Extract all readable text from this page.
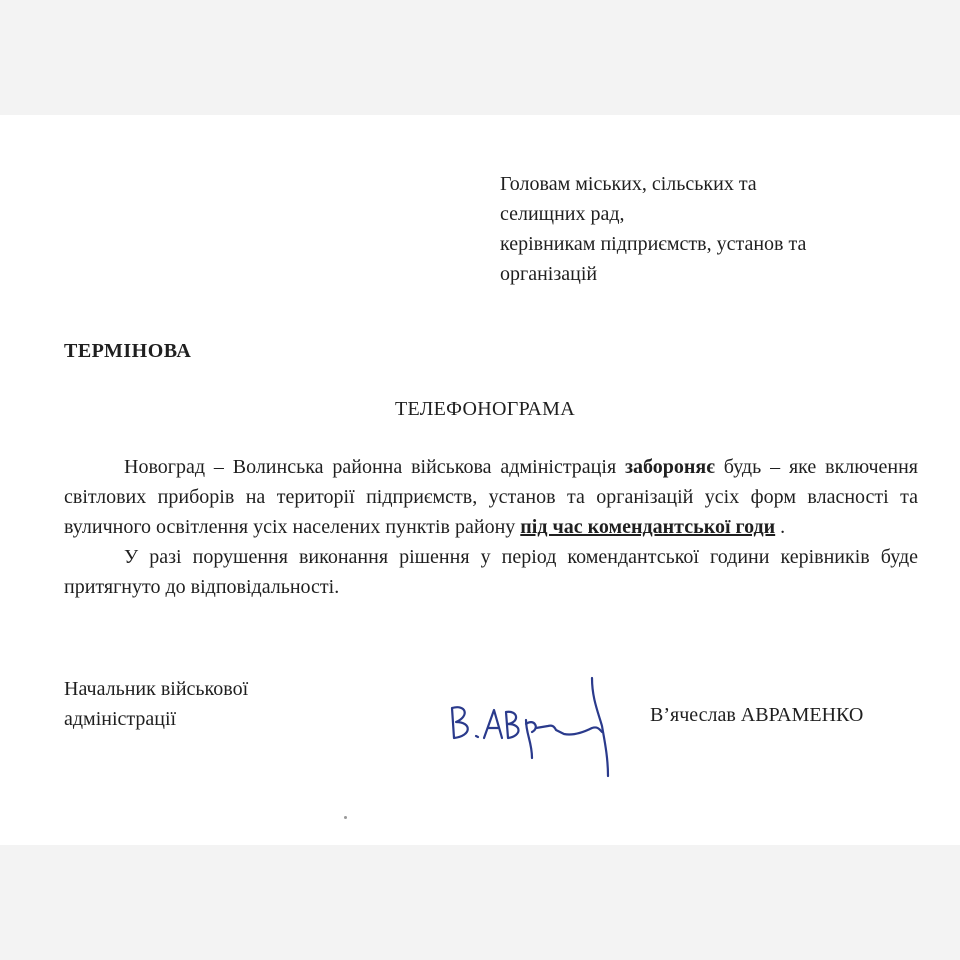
Головам міських, сільських та
селищних рад,
керівникам підприємств, установ та
організацій
ТЕРМІНОВА
ТЕЛЕФОНОГРАМА

Новоград – Волинська районна військова адміністрація забороняє будь – яке включення світлових приборів на території підприємств, установ та організацій усіх форм власності та вуличного освітлення усіх населених пунктів району під час комендантської годи .

У разі порушення виконання рішення у період комендантської години керівників буде притягнуто до відповідальності.

Начальник військової
адміністрації	В’ячеслав АВРАМЕНКО
